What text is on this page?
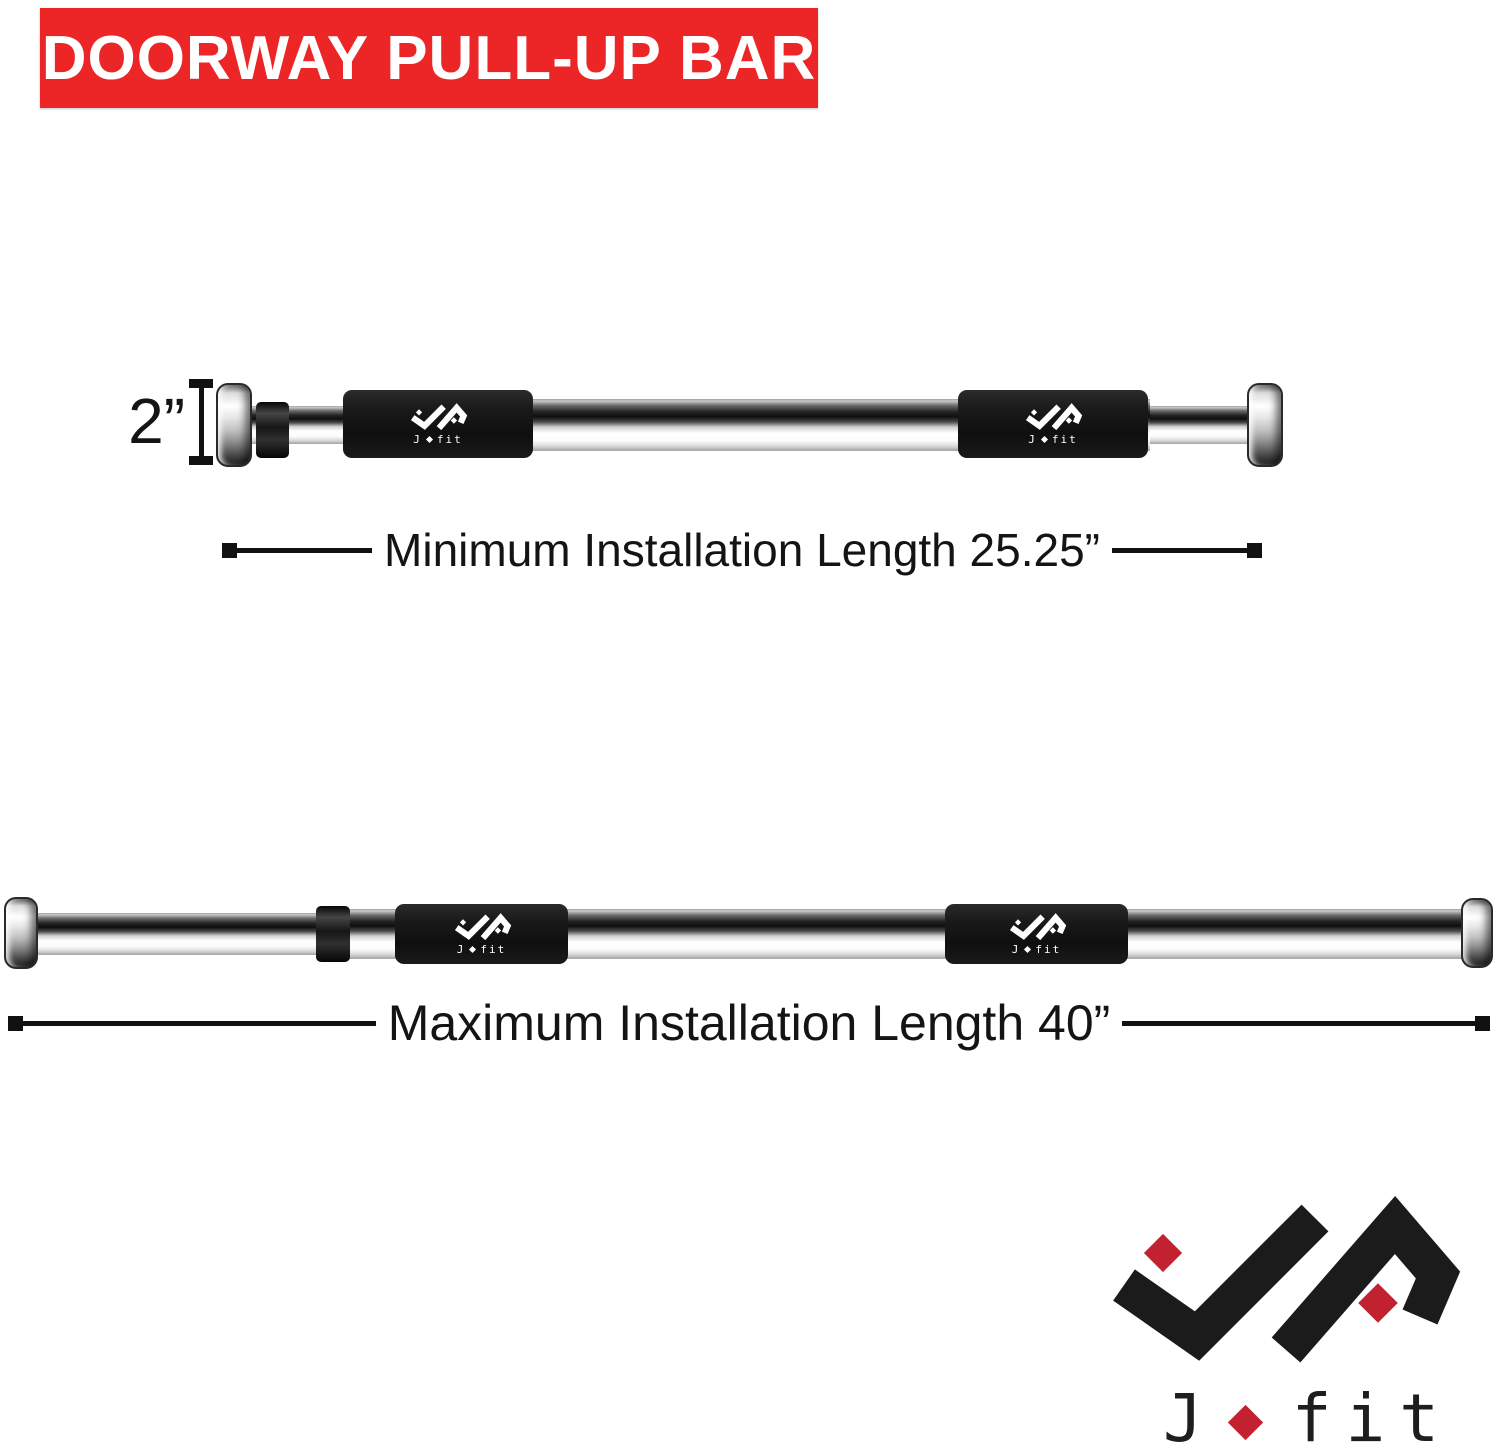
DOORWAY PULL-UP BAR
J fit	J fit
2”
Minimum Installation Length 25.25”
J fit	J fit
Maximum Installation Length 40”
J fit
